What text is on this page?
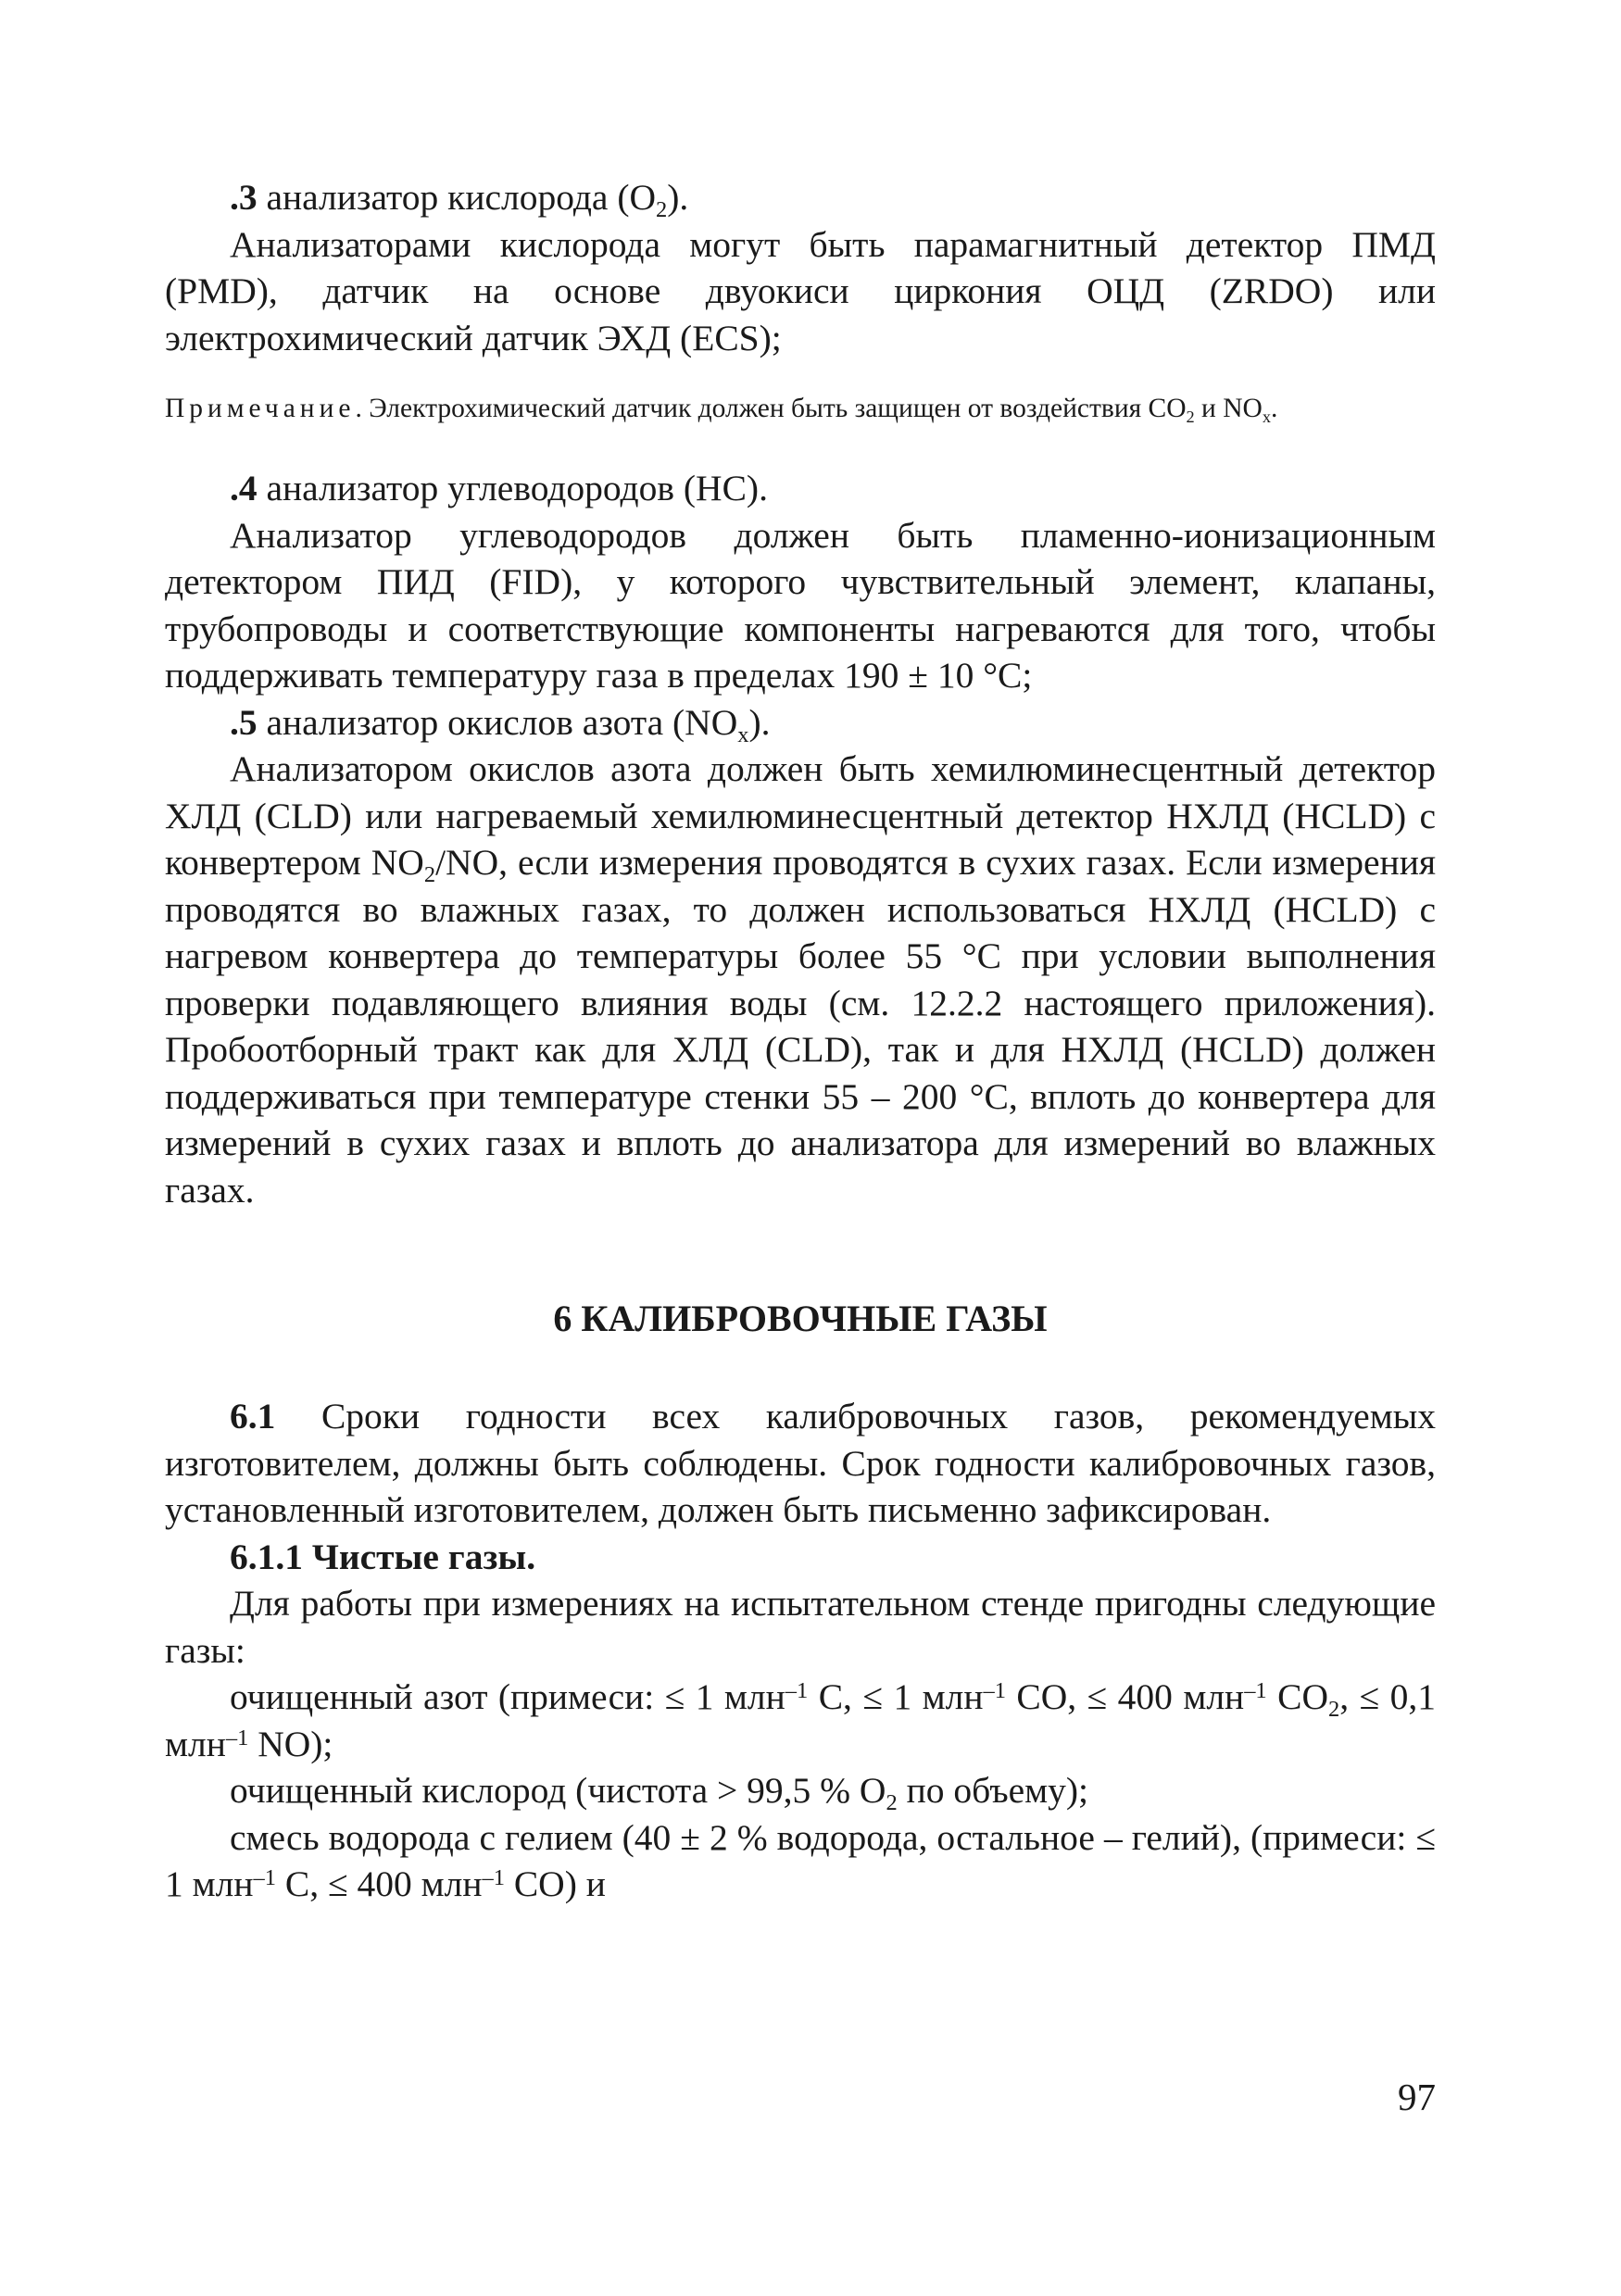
.3 анализатор кислорода $(O_2)$.

Анализаторами кислорода могут быть парамагнитный детектор ПМД (PMD), датчик на основе двуокиси циркония ОЦД (ZRDO) или электрохимический датчик ЭХД (ECS);

Примечание. Электрохимический датчик должен быть защищен от воздействия $CO_2$ и $NO_x$.

.4 анализатор углеводородов (HC).

Анализатор углеводородов должен быть пламенно-ионизационным детектором ПИД (FID), у которого чувствительный элемент, клапаны, трубопроводы и соответствующие компоненты нагреваются для того, чтобы поддерживать температуру газа в пределах 190 ± 10 °С;

.5 анализатор окислов азота $(NO_x)$.

Анализатором окислов азота должен быть хемилюминесцентный детектор ХЛД (CLD) или нагреваемый хемилюминесцентный детектор НХЛД (HCLD) с конвертером $NO_2/NO$, если измерения проводятся в сухих газах. Если измерения проводятся во влажных газах, то должен использоваться НХЛД (HCLD) с нагревом конвертера до температуры более 55 °С при условии выполнения проверки подавляющего влияния воды (см. 12.2.2 настоящего приложения). Пробоотборный тракт как для ХЛД (CLD), так и для НХЛД (HCLD) должен поддерживаться при температуре стенки 55 – 200 °С, вплоть до конвертера для измерений в сухих газах и вплоть до анализатора для измерений во влажных газах.

6 КАЛИБРОВОЧНЫЕ ГАЗЫ

6.1 Сроки годности всех калибровочных газов, рекомендуемых изготовителем, должны быть соблюдены. Срок годности калибровочных газов, установленный изготовителем, должен быть письменно зафиксирован.

6.1.1 Чистые газы.

Для работы при измерениях на испытательном стенде пригодны следующие газы:

очищенный азот (примеси: ≤ 1 млн$^{-1}$ C, ≤ 1 млн$^{-1}$ CO, ≤ 400 млн$^{-1}$ $CO_2$, ≤ 0,1 млн$^{-1}$ NO);

очищенный кислород (чистота > 99,5 % $O_2$ по объему);

смесь водорода с гелием (40 ± 2 % водорода, остальное – гелий), (примеси: ≤ 1 млн$^{-1}$ C, ≤ 400 млн$^{-1}$ CO) и

97
